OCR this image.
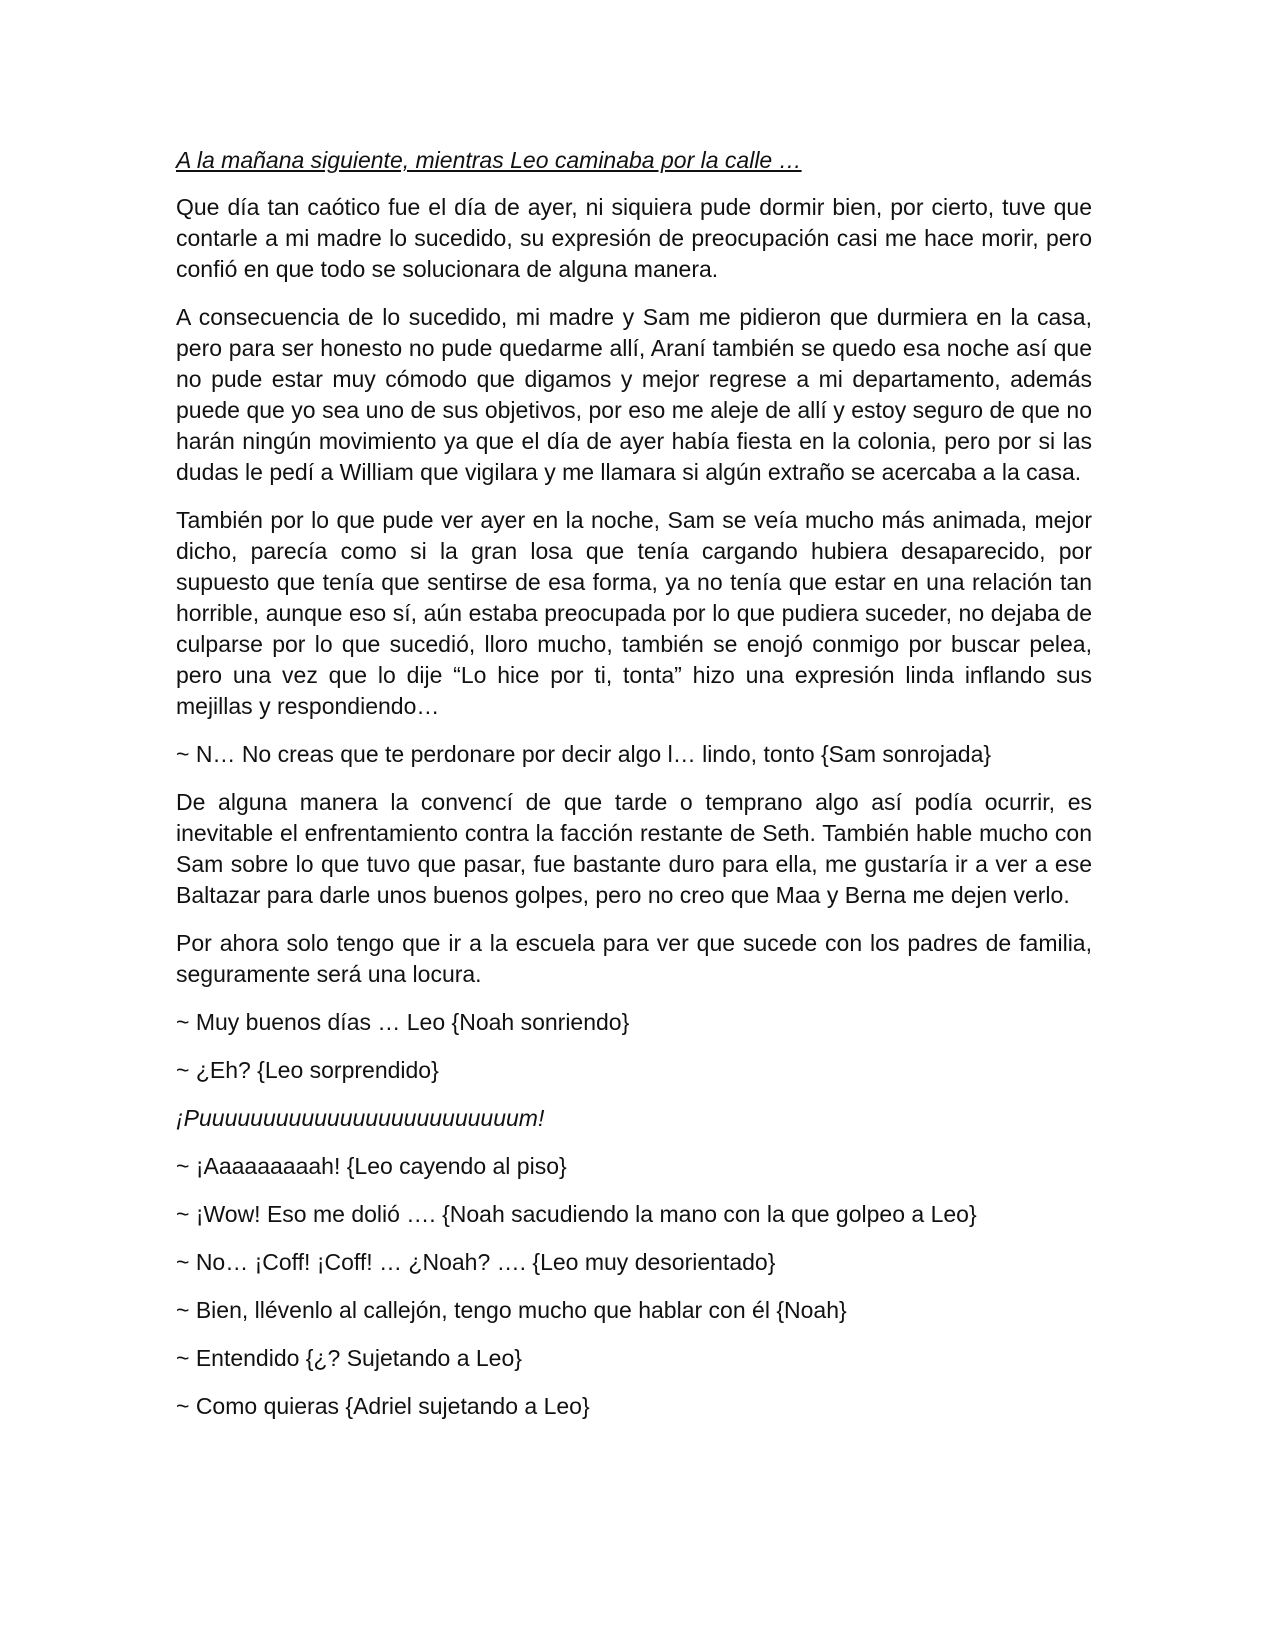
A la mañana siguiente, mientras Leo caminaba por la calle …

Que día tan caótico fue el día de ayer, ni siquiera pude dormir bien, por cierto, tuve que contarle a mi madre lo sucedido, su expresión de preocupación casi me hace morir, pero confió en que todo se solucionara de alguna manera.

A consecuencia de lo sucedido, mi madre y Sam me pidieron que durmiera en la casa, pero para ser honesto no pude quedarme allí, Araní también se quedo esa noche así que no pude estar muy cómodo que digamos y mejor regrese a mi departamento, además puede que yo sea uno de sus objetivos, por eso me aleje de allí y estoy seguro de que no harán ningún movimiento ya que el día de ayer había fiesta en la colonia, pero por si las dudas le pedí a William que vigilara y me llamara si algún extraño se acercaba a la casa.

También por lo que pude ver ayer en la noche, Sam se veía mucho más animada, mejor dicho, parecía como si la gran losa que tenía cargando hubiera desaparecido, por supuesto que tenía que sentirse de esa forma, ya no tenía que estar en una relación tan horrible, aunque eso sí, aún estaba preocupada por lo que pudiera suceder, no dejaba de culparse por lo que sucedió, lloro mucho, también se enojó conmigo por buscar pelea, pero una vez que lo dije “Lo hice por ti, tonta” hizo una expresión linda inflando sus mejillas y respondiendo…

~ N… No creas que te perdonare por decir algo l… lindo, tonto {Sam sonrojada}

De alguna manera la convencí de que tarde o temprano algo así podía ocurrir, es inevitable el enfrentamiento contra la facción restante de Seth. También hable mucho con Sam sobre lo que tuvo que pasar, fue bastante duro para ella, me gustaría ir a ver a ese Baltazar para darle unos buenos golpes, pero no creo que Maa y Berna me dejen verlo.

Por ahora solo tengo que ir a la escuela para ver que sucede con los padres de familia, seguramente será una locura.

~ Muy buenos días … Leo {Noah sonriendo}

~ ¿Eh? {Leo sorprendido}

¡Puuuuuuuuuuuuuuuuuuuuuuuuum!

~ ¡Aaaaaaaaah! {Leo cayendo al piso}

~ ¡Wow! Eso me dolió …. {Noah sacudiendo la mano con la que golpeo a Leo}

~ No… ¡Coff! ¡Coff! … ¿Noah? …. {Leo muy desorientado}

~ Bien, llévenlo al callejón, tengo mucho que hablar con él {Noah}

~ Entendido {¿? Sujetando a Leo}

~ Como quieras {Adriel sujetando a Leo}
